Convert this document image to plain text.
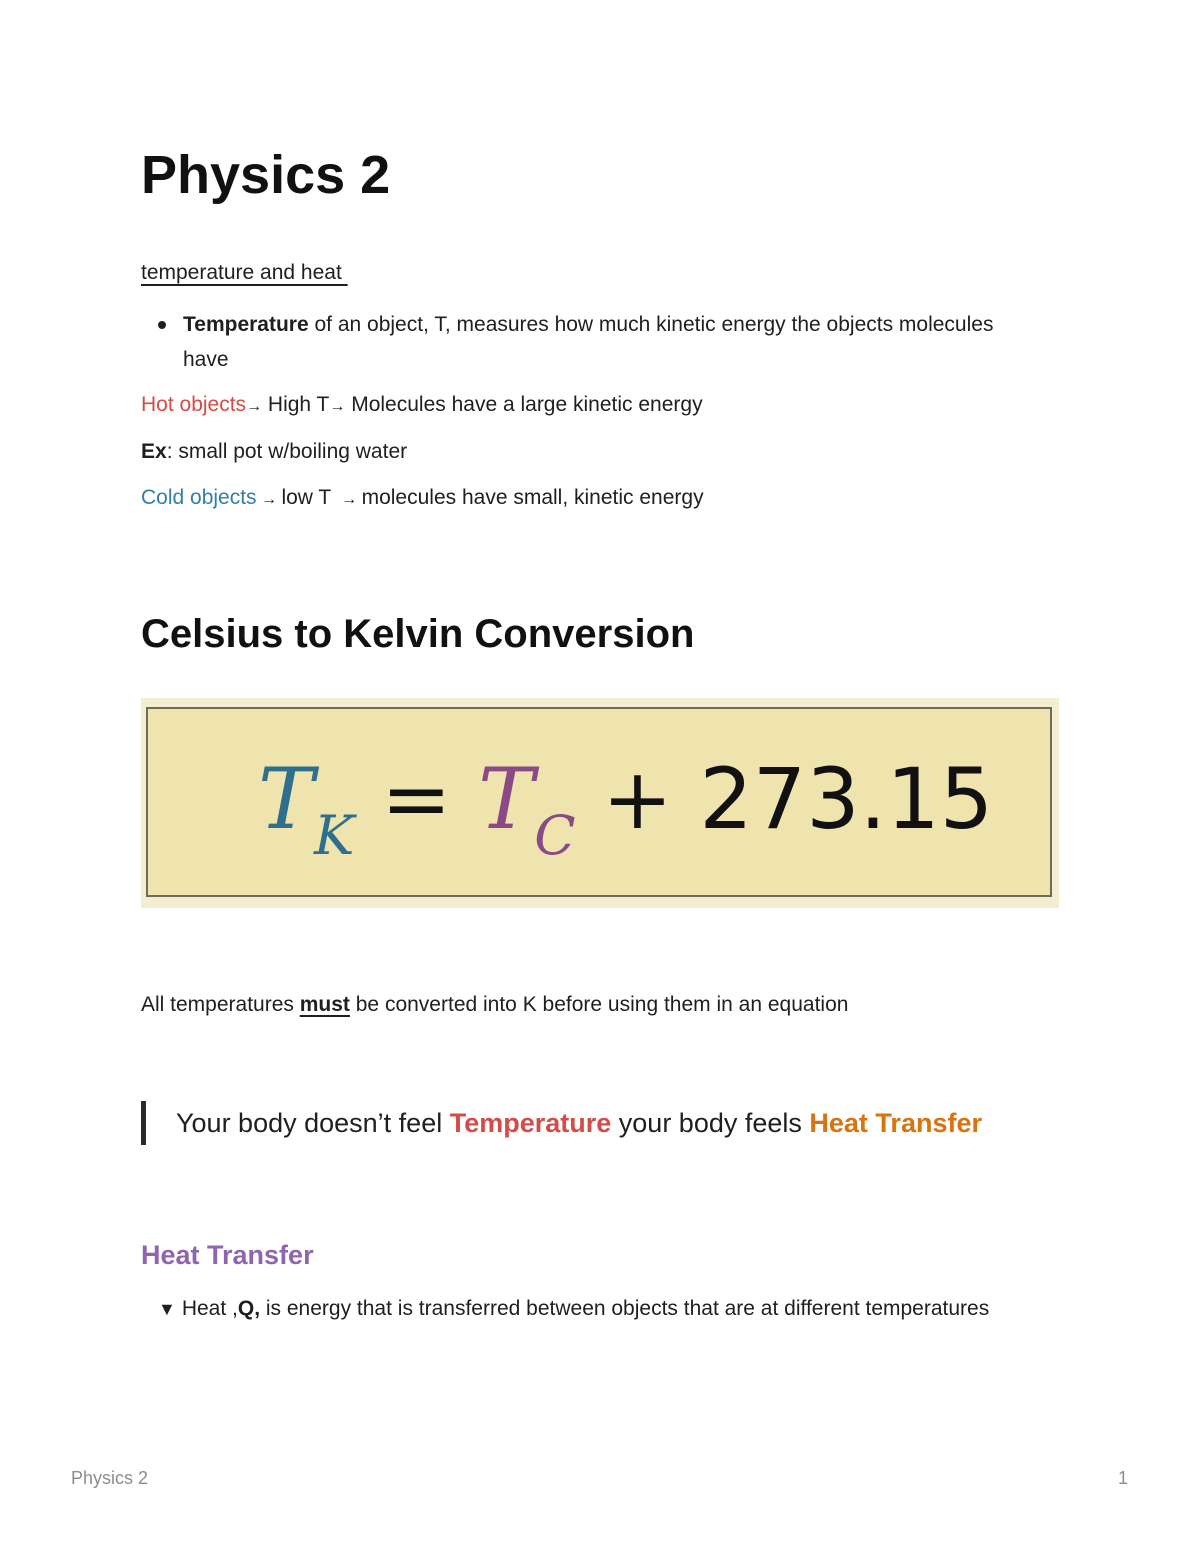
Physics 2
temperature and heat
Temperature of an object, T, measures how much kinetic energy the objects molecules have
Hot objects→ High T→ Molecules have a large kinetic energy
Ex: small pot w/boiling water
Cold objects → low T  → molecules have small, kinetic energy
Celsius to Kelvin Conversion
$T_K = T_C + 273.15$
All temperatures must be converted into K before using them in an equation
Your body doesn’t feel Temperature your body feels Heat Transfer
Heat Transfer
▼ Heat ,Q, is energy that is transferred between objects that are at different temperatures
Physics 2	1
